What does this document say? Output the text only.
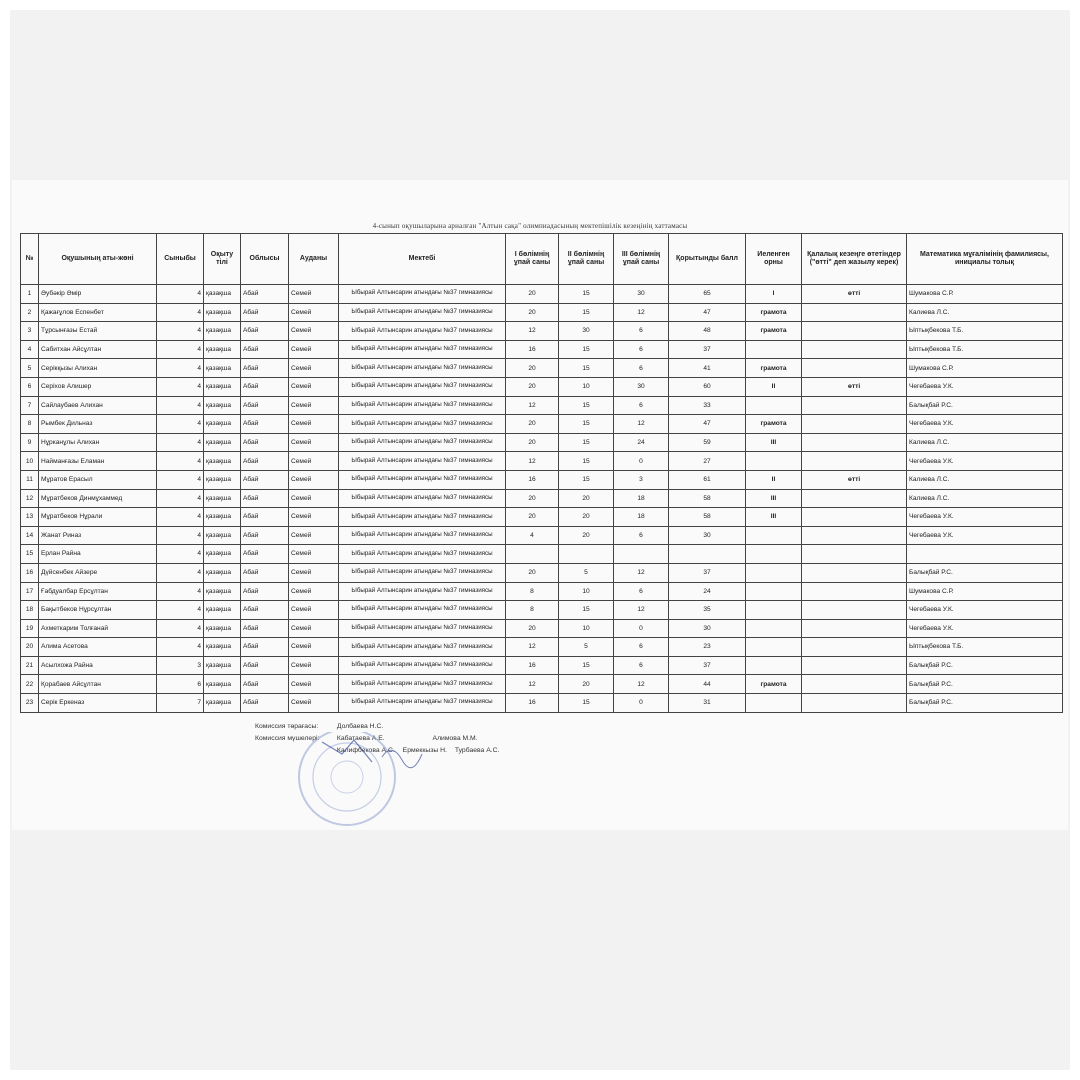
4-сынып оқушыларына арналған "Алтын сақа" олимпиадасының мектепішілік кезеңінің хаттамасы
№	Оқушының аты-жөні	Сыныбы	Оқыту тілі	Облысы	Ауданы	Мектебі	І бөлімнің ұпай саны	ІІ бөлімнің ұпай саны	ІІІ бөлімнің ұпай саны	Қорытынды балл	Иеленген орны	Қалалық кезеңге өтетіндер ("өтті" деп жазылу керек)	Математика мұғалімінің фамилиясы, инициалы толық
1	Әубәкір Әмір	4	қазақша	Абай	Семей	Ыбырай Алтынсарин атындағы №37 гимназиясы	20	15	30	65	І	өтті	Шумакова С.Р.
2	Қажағұлов Еспенбет	4	қазақша	Абай	Семей	Ыбырай Алтынсарин атындағы №37 гимназиясы	20	15	12	47	грамота		Калиева Л.С.
3	Тұрсынғазы Естай	4	қазақша	Абай	Семей	Ыбырай Алтынсарин атындағы №37 гимназиясы	12	30	6	48	грамота		Ыптықбекова Т.Б.
4	Сабитхан Айсұлтан	4	қазақша	Абай	Семей	Ыбырай Алтынсарин атындағы №37 гимназиясы	16	15	6	37			Ыптықбекова Т.Б.
5	Серікқызы Алихан	4	қазақша	Абай	Семей	Ыбырай Алтынсарин атындағы №37 гимназиясы	20	15	6	41	грамота		Шумакова С.Р.
6	Серіхов Алишер	4	қазақша	Абай	Семей	Ыбырай Алтынсарин атындағы №37 гимназиясы	20	10	30	60	ІІ	өтті	Чегебаева У.К.
7	Сайлаубаев Алихан	4	қазақша	Абай	Семей	Ыбырай Алтынсарин атындағы №37 гимназиясы	12	15	6	33			Балықбай Р.С.
8	Рымбек Дильназ	4	қазақша	Абай	Семей	Ыбырай Алтынсарин атындағы №37 гимназиясы	20	15	12	47	грамота		Чегебаева У.К.
9	Нұрканұлы Алихан	4	қазақша	Абай	Семей	Ыбырай Алтынсарин атындағы №37 гимназиясы	20	15	24	59	ІІІ		Калиева Л.С.
10	Найманғазы Еламан	4	қазақша	Абай	Семей	Ыбырай Алтынсарин атындағы №37 гимназиясы	12	15	0	27			Чегебаева У.К.
11	Мұратов Ерасыл	4	қазақша	Абай	Семей	Ыбырай Алтынсарин атындағы №37 гимназиясы	16	15	3	61	ІІ	өтті	Калиева Л.С.
12	Мұратбеков Динмұхаммед	4	қазақша	Абай	Семей	Ыбырай Алтынсарин атындағы №37 гимназиясы	20	20	18	58	ІІІ		Калиева Л.С.
13	Мұратбеков Нұрали	4	қазақша	Абай	Семей	Ыбырай Алтынсарин атындағы №37 гимназиясы	20	20	18	58	ІІІ		Чегебаева У.К.
14	Жанат Риназ	4	қазақша	Абай	Семей	Ыбырай Алтынсарин атындағы №37 гимназиясы	4	20	6	30			Чегебаева У.К.
15	Ерлан Райна	4	қазақша	Абай	Семей	Ыбырай Алтынсарин атындағы №37 гимназиясы							
16	Дүйсенбек Айзере	4	қазақша	Абай	Семей	Ыбырай Алтынсарин атындағы №37 гимназиясы	20	5	12	37			Балықбай Р.С.
17	Ғабдуалбар Ерсұлтан	4	қазақша	Абай	Семей	Ыбырай Алтынсарин атындағы №37 гимназиясы	8	10	6	24			Шумакова С.Р.
18	Бақытбеков Нұрсұлтан	4	қазақша	Абай	Семей	Ыбырай Алтынсарин атындағы №37 гимназиясы	8	15	12	35			Чегебаева У.К.
19	Ахметкарим Толғанай	4	қазақша	Абай	Семей	Ыбырай Алтынсарин атындағы №37 гимназиясы	20	10	0	30			Чегебаева У.К.
20	Алима Асетова	4	қазақша	Абай	Семей	Ыбырай Алтынсарин атындағы №37 гимназиясы	12	5	6	23			Ыптықбекова Т.Б.
21	Асылхожа Райна	3	қазақша	Абай	Семей	Ыбырай Алтынсарин атындағы №37 гимназиясы	16	15	6	37			Балықбай Р.С.
22	Қорабаев Айсұлтан	6	қазақша	Абай	Семей	Ыбырай Алтынсарин атындағы №37 гимназиясы	12	20	12	44	грамота		Балықбай Р.С.
23	Серік Еркеназ	7	қазақша	Абай	Семей	Ыбырай Алтынсарин атындағы №37 гимназиясы	16	15	0	31			Балықбай Р.С.
Комиссия төрағасы:	Долбаева Н.С.
Комиссия мүшелері:	Кабатаева А.Е.	Алимова М.М.
Калифбекова А.С. Ермеккызы Н. Турбаева А.С.
